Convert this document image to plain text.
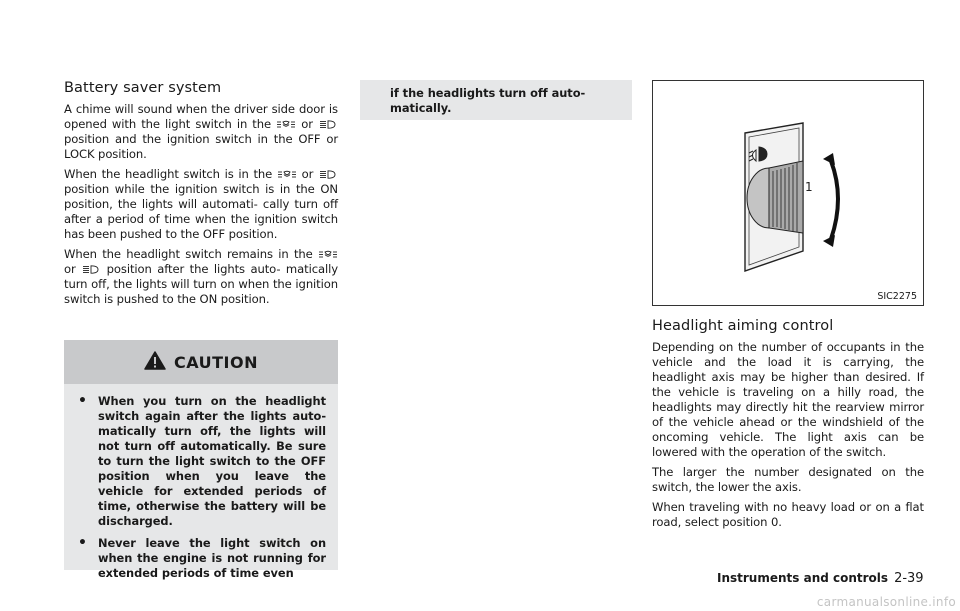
Battery saver system

A chime will sound when the driver side door is opened with the light switch in the	or
position and the ignition switch in the OFF or LOCK position.

When the headlight switch is in the	or
position while the ignition switch is in the ON position, the lights will automati- cally turn off after a period of time when the ignition switch has been pushed to the OFF position.

When the headlight switch remains in the
or	position after the lights auto- matically turn off, the lights will turn on when the ignition switch is pushed to the ON position.

CAUTION
• When you turn on the headlight switch again after the lights auto- matically turn off, the lights will not turn off automatically. Be sure to turn the light switch to the OFF position when you leave the vehicle for extended periods of time, otherwise the battery will be discharged.
• Never leave the light switch on when the engine is not running for extended periods of time even
if the headlights turn off auto- matically.
1
SIC2275
Headlight aiming control

Depending on the number of occupants in the vehicle and the load it is carrying, the headlight axis may be higher than desired. If the vehicle is traveling on a hilly road, the headlights may directly hit the rearview mirror of the vehicle ahead or the windshield of the oncoming vehicle. The light axis can be lowered with the operation of the switch.

The larger the number designated on the switch, the lower the axis.

When traveling with no heavy load or on a flat road, select position 0.

Instruments and controls 2-39
carmanualsonline.info
